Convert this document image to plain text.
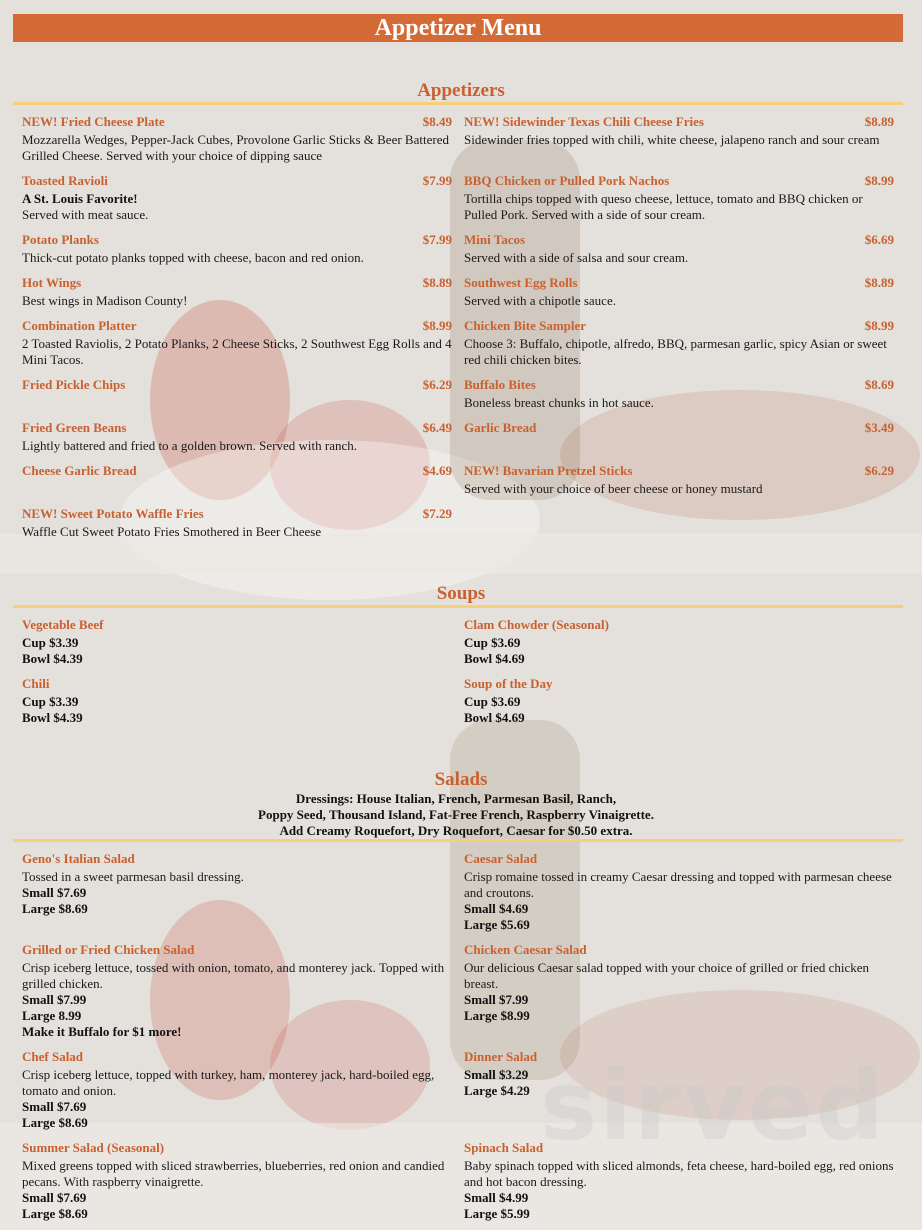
sirved
Appetizer Menu
Appetizers
NEW! Fried Cheese Plate	$8.49
Mozzarella Wedges, Pepper-Jack Cubes, Provolone Garlic Sticks & Beer Battered Grilled Cheese. Served with your choice of dipping sauce
Toasted Ravioli	$7.99
A St. Louis Favorite!
Served with meat sauce.
Potato Planks	$7.99
Thick-cut potato planks topped with cheese, bacon and red onion.
Hot Wings	$8.89
Best wings in Madison County!
Combination Platter	$8.99
2 Toasted Raviolis, 2 Potato Planks, 2 Cheese Sticks, 2 Southwest Egg Rolls and 4 Mini Tacos.
Fried Pickle Chips	$6.29
Fried Green Beans	$6.49
Lightly battered and fried to a golden brown. Served with ranch.
Cheese Garlic Bread	$4.69
NEW! Sweet Potato Waffle Fries	$7.29
Waffle Cut Sweet Potato Fries Smothered in Beer Cheese
NEW! Sidewinder Texas Chili Cheese Fries	$8.89
Sidewinder fries topped with chili, white cheese, jalapeno ranch and sour cream
BBQ Chicken or Pulled Pork Nachos	$8.99
Tortilla chips topped with queso cheese, lettuce, tomato and BBQ chicken or Pulled Pork. Served with a side of sour cream.
Mini Tacos	$6.69
Served with a side of salsa and sour cream.
Southwest Egg Rolls	$8.89
Served with a chipotle sauce.
Chicken Bite Sampler	$8.99
Choose 3: Buffalo, chipotle, alfredo, BBQ, parmesan garlic, spicy Asian or sweet red chili chicken bites.
Buffalo Bites	$8.69
Boneless breast chunks in hot sauce.
Garlic Bread	$3.49
NEW! Bavarian Pretzel Sticks	$6.29
Served with your choice of beer cheese or honey mustard
Soups
Vegetable Beef
Cup $3.39
Bowl $4.39
Clam Chowder (Seasonal)
Cup $3.69
Bowl $4.69
Chili
Cup $3.39
Bowl $4.39
Soup of the Day
Cup $3.69
Bowl $4.69
Salads
Dressings: House Italian, French, Parmesan Basil, Ranch,
Poppy Seed, Thousand Island, Fat-Free French, Raspberry Vinaigrette.
Add Creamy Roquefort, Dry Roquefort, Caesar for $0.50 extra.
Geno's Italian Salad
Tossed in a sweet parmesan basil dressing.
Small $7.69
Large $8.69
Caesar Salad
Crisp romaine tossed in creamy Caesar dressing and topped with parmesan cheese and croutons.
Small $4.69
Large $5.69
Grilled or Fried Chicken Salad
Crisp iceberg lettuce, tossed with onion, tomato, and monterey jack. Topped with grilled chicken.
Small $7.99
Large 8.99
Make it Buffalo for $1 more!
Chicken Caesar Salad
Our delicious Caesar salad topped with your choice of grilled or fried chicken breast.
Small $7.99
Large $8.99
Chef Salad
Crisp iceberg lettuce, topped with turkey, ham, monterey jack, hard-boiled egg, tomato and onion.
Small $7.69
Large $8.69
Dinner Salad
Small $3.29
Large $4.29
Summer Salad (Seasonal)
Mixed greens topped with sliced strawberries, blueberries, red onion and candied pecans. With raspberry vinaigrette.
Small $7.69
Large $8.69
Spinach Salad
Baby spinach topped with sliced almonds, feta cheese, hard-boiled egg, red onions and hot bacon dressing.
Small $4.99
Large $5.99
